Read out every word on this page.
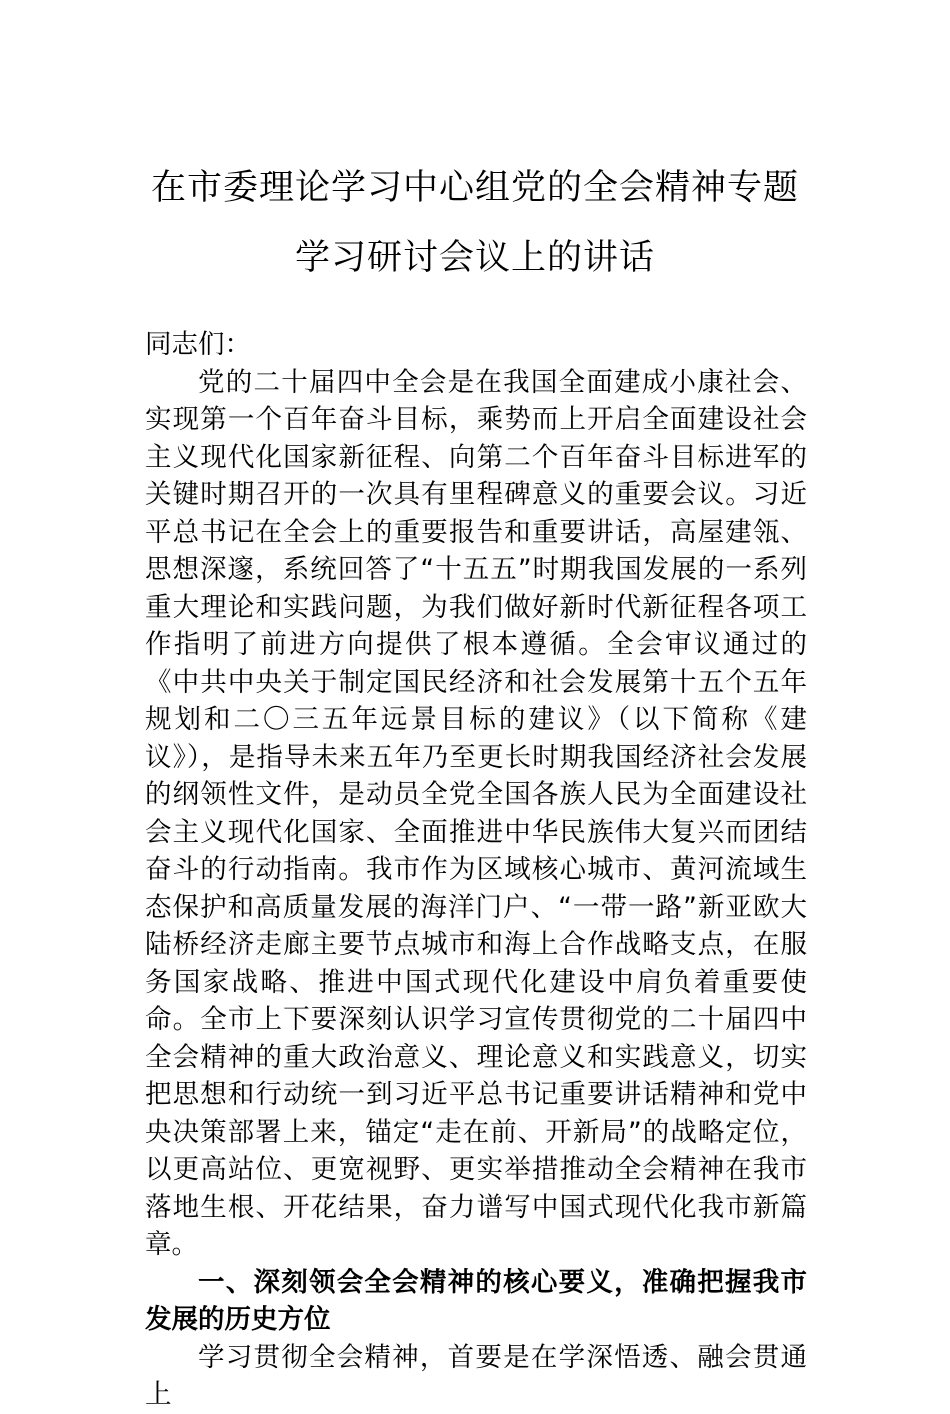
在市委理论学习中心组党的全会精神专题
学习研讨会议上的讲话

同志们：

党的二十届四中全会是在我国全面建成小康社会、实现第一个百年奋斗目标，乘势而上开启全面建设社会主义现代化国家新征程、向第二个百年奋斗目标进军的关键时期召开的一次具有里程碑意义的重要会议。习近平总书记在全会上的重要报告和重要讲话，高屋建瓴、思想深邃，系统回答了“十五五”时期我国发展的一系列重大理论和实践问题，为我们做好新时代新征程各项工作指明了前进方向提供了根本遵循。全会审议通过的《中共中央关于制定国民经济和社会发展第十五个五年规划和二〇三五年远景目标的建议》（以下简称《建议》），是指导未来五年乃至更长时期我国经济社会发展的纲领性文件，是动员全党全国各族人民为全面建设社会主义现代化国家、全面推进中华民族伟大复兴而团结奋斗的行动指南。我市作为区域核心城市、黄河流域生态保护和高质量发展的海洋门户、“一带一路”新亚欧大陆桥经济走廊主要节点城市和海上合作战略支点，在服务国家战略、推进中国式现代化建设中肩负着重要使命。全市上下要深刻认识学习宣传贯彻党的二十届四中全会精神的重大政治意义、理论意义和实践意义，切实把思想和行动统一到习近平总书记重要讲话精神和党中央决策部署上来，锚定“走在前、开新局”的战略定位，以更高站位、更宽视野、更实举措推动全会精神在我市落地生根、开花结果，奋力谱写中国式现代化我市新篇章。

一、深刻领会全会精神的核心要义，准确把握我市发展的历史方位

学习贯彻全会精神，首要是在学深悟透、融会贯通上
